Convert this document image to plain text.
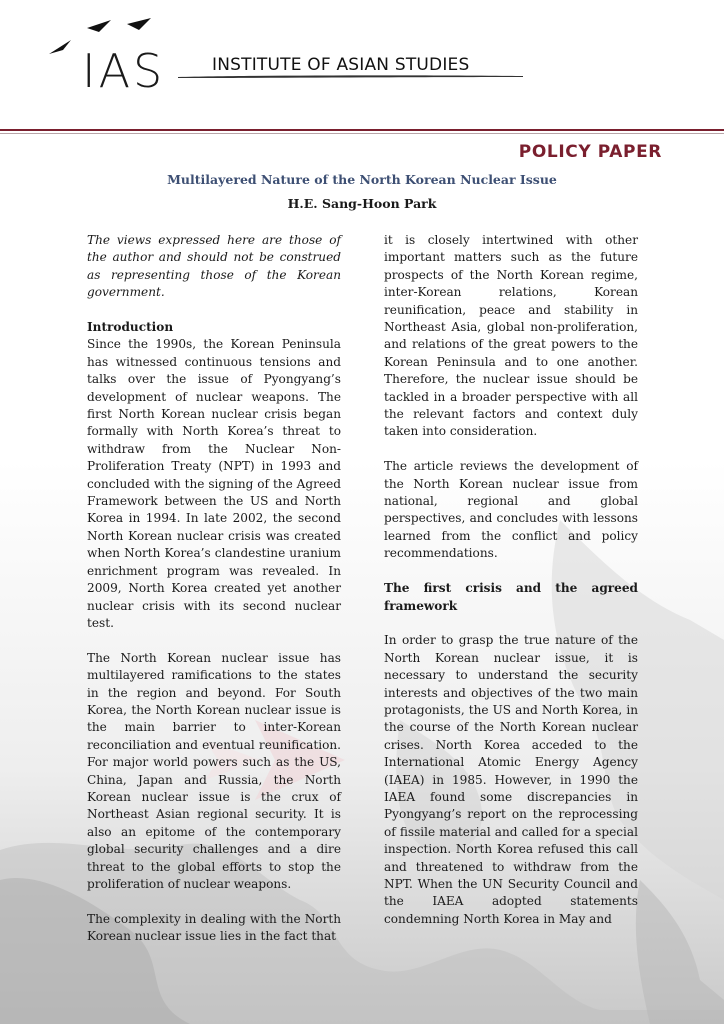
IAS	INSTITUTE OF ASIAN STUDIES
POLICY PAPER
Multilayered Nature of the North Korean Nuclear Issue
H.E. Sang-Hoon Park

The views expressed here are those of the author and should not be construed as representing those of the Korean government.

Introduction

Since the 1990s, the Korean Peninsula has witnessed continuous tensions and talks over the issue of Pyongyang’s development of nuclear weapons. The first North Korean nuclear crisis began formally with North Korea’s threat to withdraw from the Nuclear Non-Proliferation Treaty (NPT) in 1993 and concluded with the signing of the Agreed Framework between the US and North Korea in 1994. In late 2002, the second North Korean nuclear crisis was created when North Korea’s clandestine uranium enrichment program was revealed. In 2009, North Korea created yet another nuclear crisis with its second nuclear test.

The North Korean nuclear issue has multilayered ramifications to the states in the region and beyond. For South Korea, the North Korean nuclear issue is the main barrier to inter-Korean reconciliation and eventual reunification. For major world powers such as the US, China, Japan and Russia, the North Korean nuclear issue is the crux of Northeast Asian regional security. It is also an epitome of the contemporary global security challenges and a dire threat to the global efforts to stop the proliferation of nuclear weapons.

The complexity in dealing with the North Korean nuclear issue lies in the fact that

it is closely intertwined with other important matters such as the future prospects of the North Korean regime, inter-Korean relations, Korean reunification, peace and stability in Northeast Asia, global non-proliferation, and relations of the great powers to the Korean Peninsula and to one another. Therefore, the nuclear issue should be tackled in a broader perspective with all the relevant factors and context duly taken into consideration.

The article reviews the development of the North Korean nuclear issue from national, regional and global perspectives, and concludes with lessons learned from the conflict and policy recommendations.

The first crisis and the agreed framework

In order to grasp the true nature of the North Korean nuclear issue, it is necessary to understand the security interests and objectives of the two main protagonists, the US and North Korea, in the course of the North Korean nuclear crises. North Korea acceded to the International Atomic Energy Agency (IAEA) in 1985. However, in 1990 the IAEA found some discrepancies in Pyongyang’s report on the reprocessing of fissile material and called for a special inspection. North Korea refused this call and threatened to withdraw from the NPT. When the UN Security Council and the IAEA adopted statements condemning North Korea in May and
